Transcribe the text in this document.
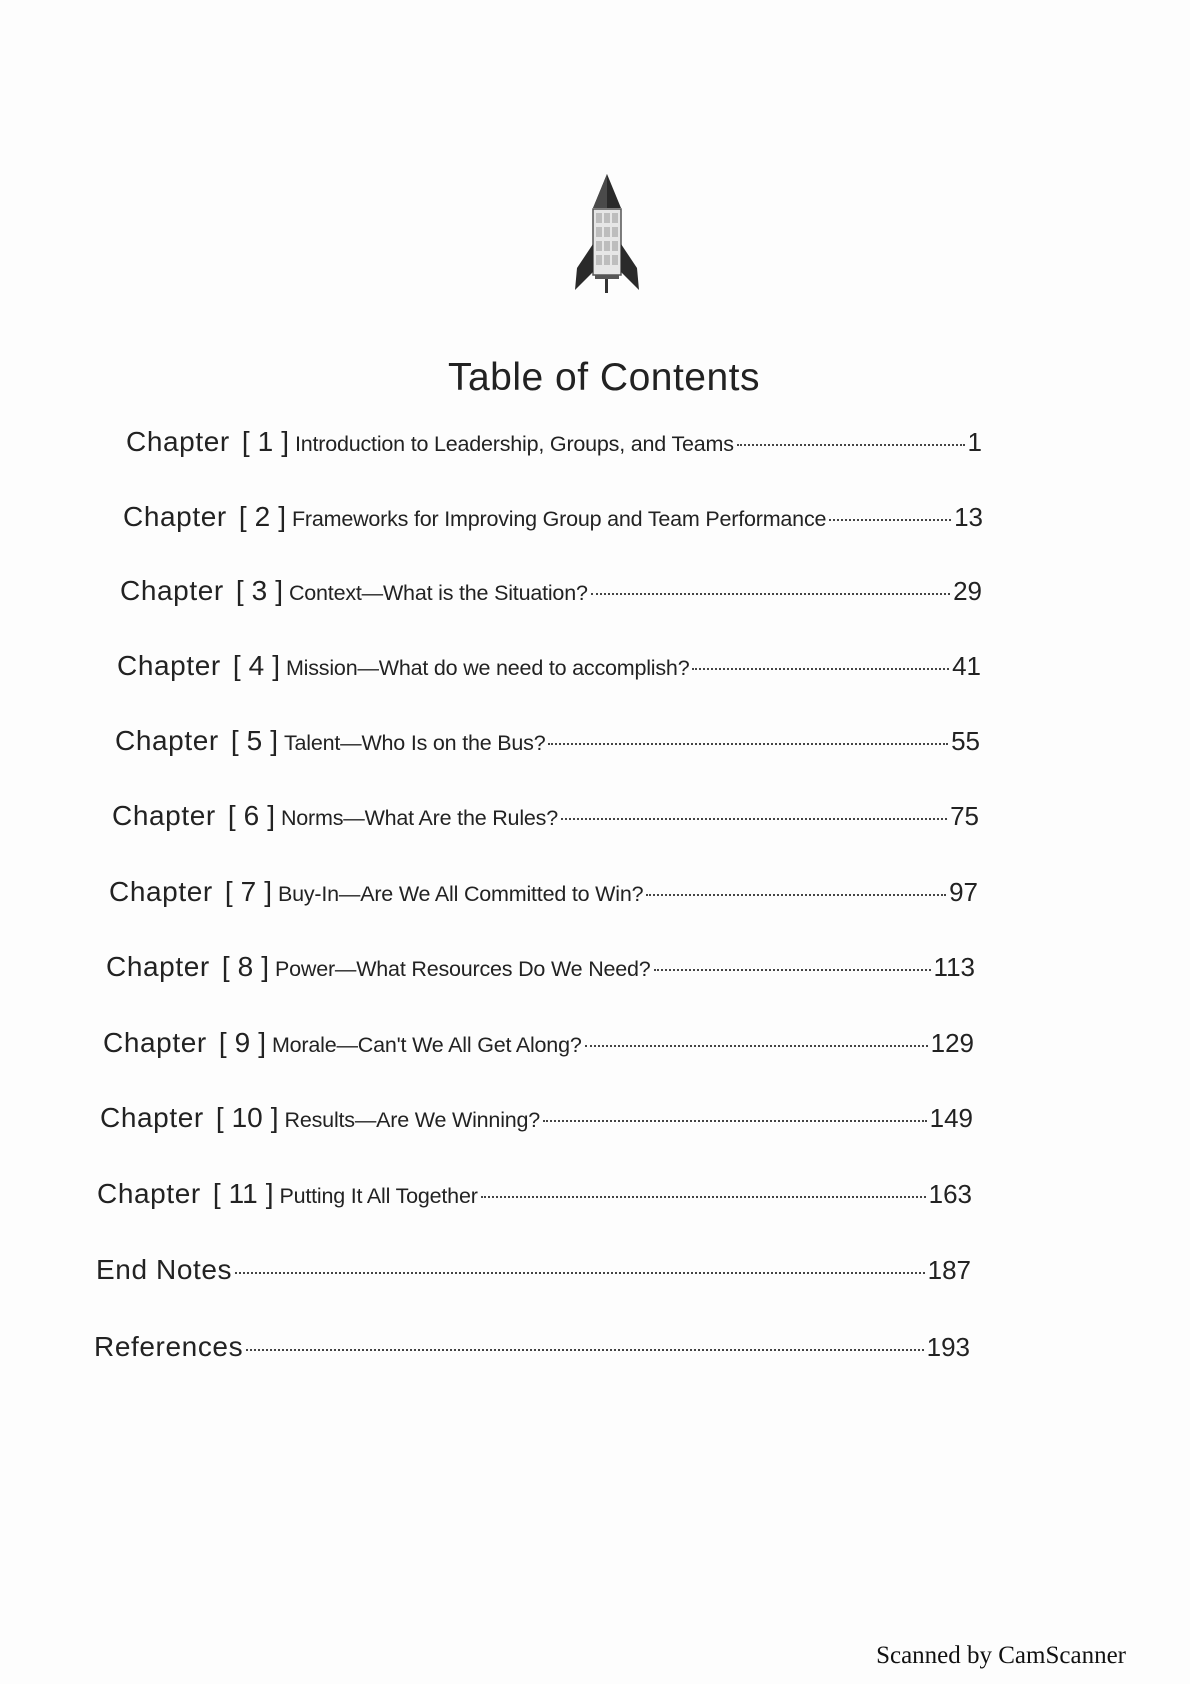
Table of Contents
Chapter [ 1 ] Introduction to Leadership, Groups, and Teams	1
Chapter [ 2 ] Frameworks for Improving Group and Team Performance	13
Chapter [ 3 ] Context—What is the Situation?	29
Chapter [ 4 ] Mission—What do we need to accomplish?	41
Chapter [ 5 ] Talent—Who Is on the Bus?	55
Chapter [ 6 ] Norms—What Are the Rules?	75
Chapter [ 7 ] Buy-In—Are We All Committed to Win?	97
Chapter [ 8 ] Power—What Resources Do We Need?	113
Chapter [ 9 ] Morale—Can't We All Get Along?	129
Chapter [ 10 ] Results—Are We Winning?	149
Chapter [ 11 ] Putting It All Together	163
End Notes	187
References	193
Scanned by CamScanner
